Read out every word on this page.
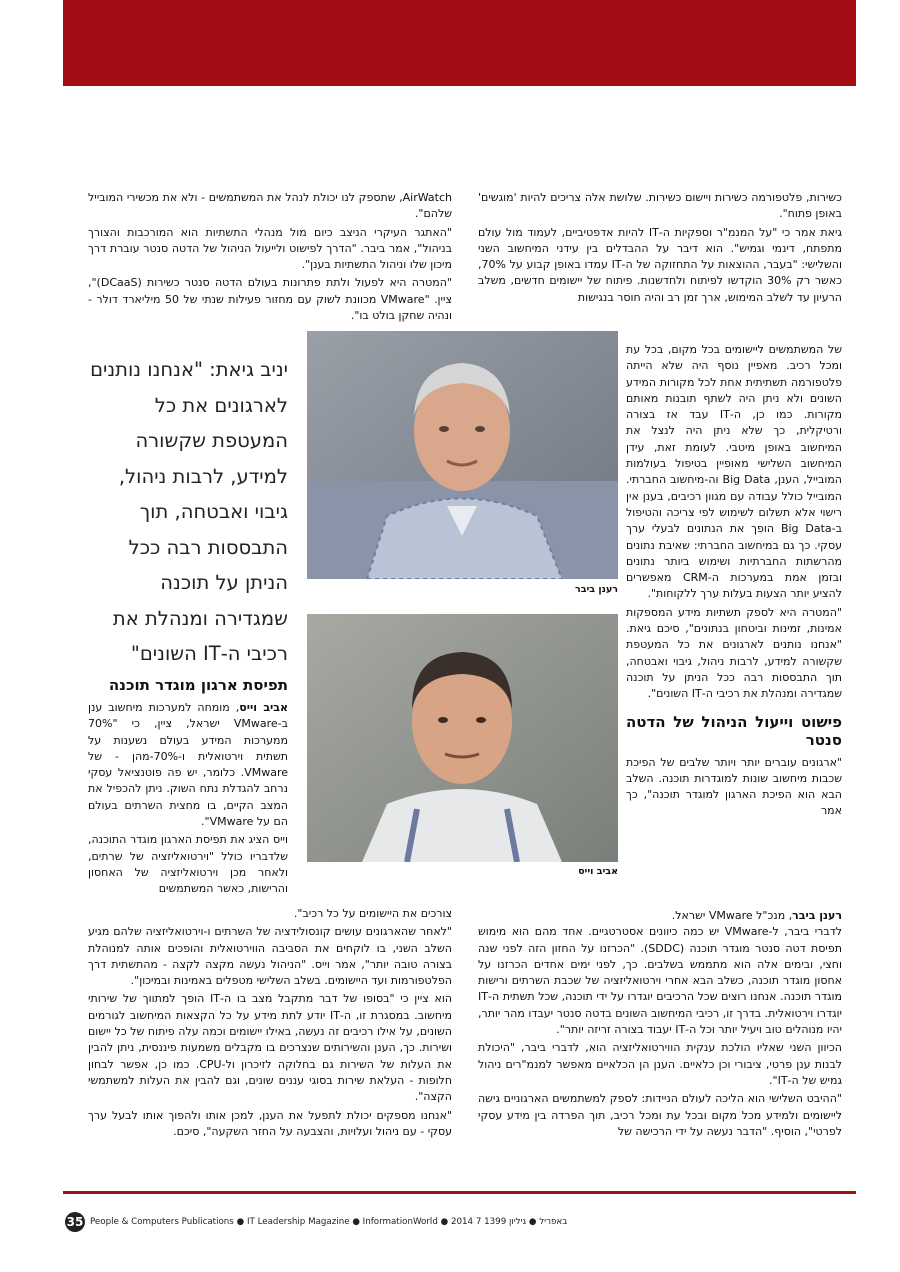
כשירות, פלטפורמה כשירות ויישום כשירות. שלושת אלה צריכים להיות 'מוגשים' באופן פתוח".

גיאת אמר כי "על המנמ"ר וספקיות ה-IT להיות אדפטיביים, לעמוד מול עולם מתפתח, דינמי וגמיש". הוא דיבר על ההבדלים בין עידני המיחשוב השני והשלישי: "בעבר, ההוצאות על התחזוקה של ה-IT עמדו באופן קבוע על 70%, כאשר רק 30% הוקדשו לפיתוח ולחדשנות. פיתוח של יישומים חדשים, משלב הרעיון עד לשלב המימוש, ארך זמן רב והיה חוסר בנגישות

של המשתמשים ליישומים בכל מקום, בכל עת ומכל רכיב. מאפיין נוסף היה שלא הייתה פלטפורמה תשתיתית אחת לכל מקורות המידע השונים ולא ניתן היה לשתף תובנות מאותם מקורות. כמו כן, ה-IT עבד אז בצורה ורטיקלית, כך שלא ניתן היה לנצל את המיחשוב באופן מיטבי. לעומת זאת, עידן המיחשוב השלישי מאופיין בטיפול בעולמות המובייל, הענן, Big Data וה-מיחשוב החברתי. המובייל כולל עבודה עם מגוון רכיבים, בענן אין רישוי אלא תשלום לשימוש לפי צריכה והטיפול ב-Big Data הופך את הנתונים לבעלי ערך עסקי. כך גם במיחשוב החברתי: שאיבת נתונים מהרשתות החברתיות ושימוש ביותר נתונים ובזמן אמת במערכות ה-CRM מאפשרים להציע יותר הצעות בעלות ערך ללקוחות".

"המטרה היא לספק תשתיות מידע המספקות אמינות, זמינות וביטחון בנתונים", סיכם גיאת. "אנחנו נותנים לארגונים את כל המעטפת שקשורה למידע, לרבות ניהול, גיבוי ואבטחה, תוך התבססות רבה ככל הניתן על תוכנה שמגדירה ומנהלת את רכיבי ה-IT השונים".

פישוט וייעול הניהול של הדטה סנטר

"ארגונים עוברים יותר ויותר שלבים של הפיכת שכבות מיחשוב שונות למוגדרות תוכנה. השלב הבא הוא הפיכת הארגון למוגדר תוכנה", כך אמר

רענן ביבר, מנכ"ל VMware ישראל.

לדברי ביבר, ל-VMware יש כמה כיוונים אסטרטגיים. אחד מהם הוא מימוש תפיסת דטה סנטר מוגדר תוכנה (SDDC). "הכרזנו על החזון הזה לפני שנה וחצי, ובימים אלה הוא מתממש בשלבים. כך, לפני ימים אחדים הכרזנו על אחסון מוגדר תוכנה, כשלב הבא אחרי וירטואליזציה של שכבת השרתים ורישות מוגדר תוכנה. אנחנו רוצים שכל הרכיבים יוגדרו על ידי תוכנה, שכל תשתית ה-IT יוגדרו וירטואלית. בדרך זו, רכיבי המיחשוב השונים בדטה סנטר יעבדו מהר יותר, יהיו מנוהלים טוב ויעיל יותר וכל ה-IT יעבוד בצורה זריזה יותר".

הכיוון השני שאליו הולכת ענקית הווירטואליזציה הוא, לדברי ביבר, "היכולת לבנות ענן פרטי, ציבורי וכן כלאיים. הענן הן הכלאיים מאפשר למנמ"רים ניהול גמיש של ה-IT".

"ההיבט השלישי הוא הליכה לעולם הניידות: לספק למשתמשים הארגוניים גישה ליישומים ולמידע מכל מקום ובכל עת ומכל רכיב, תוך הפרדה בין מידע עסקי לפרטי", הוסיף. "הדבר נעשה על ידי הרכישה של

AirWatch, שתספק לנו יכולת לנהל את המשתמשים - ולא את מכשירי המובייל שלהם".

"האתגר העיקרי הניצב כיום מול מנהלי התשתיות הוא המורכבות והצורך בניהול", אמר ביבר. "הדרך לפישוט ולייעול הניהול של הדטה סנטר עוברת דרך מיכון שלו וניהול התשתיות בענן".

"המטרה היא לפעול ולתת פתרונות בעולם הדטה סנטר כשירות (DCaaS)", ציין. "VMware מכוונת לשוק עם מחזור פעילות שנתי של 50 מיליארד דולר - ונהיה שחקן בולט בו".

יניב גיאת: "אנחנו נותנים לארגונים את כל המעטפת שקשורה למידע, לרבות ניהול, גיבוי ואבטחה, תוך התבססות רבה ככל הניתן על תוכנה שמגדירה ומנהלת את רכיבי ה-IT השונים"
תפיסת ארגון מוגדר תוכנה

אביב וייס, מומחה למערכות מיחשוב ענן ב-VMware ישראל, ציין, כי "70% ממערכות המידע בעולם נשענות על תשתית וירטואלית ו-70%-מהן - של VMware. כלומר, יש פה פוטנציאל עסקי נרחב להגדלת נתח השוק. ניתן להכפיל את המצב הקיים, בו מחצית השרתים בעולם הם על VMware".

וייס הציג את תפיסת הארגון מוגדר התוכנה, שלדבריו כולל "וירטואליזציה של שרתים, ולאחר מכן וירטואליזציה של האחסון והרישות, כאשר המשתמשים

צורכים את היישומים על כל רכיב".

"לאחר שהארגונים עושים קונסולידציה של השרתים ו-וירטואליזציה שלהם מגיע השלב השני, בו לוקחים את הסביבה הווירטואלית והופכים אותה למנוהלת בצורה טובה יותר", אמר וייס. "הניהול נעשה מקצה לקצה - מהתשתית דרך הפלטפורמות ועד היישומים. בשלב השלישי מטפלים באמינות ובמיכון".

הוא ציין כי "בסופו של דבר מתקבל מצב בו ה-IT הופך למתווך של שירותי מיחשוב. במסגרת זו, ה-IT יודע לתת מידע על כל הקצאות המיחשוב לגורמים השונים, על אילו רכיבים זה נעשה, באילו יישומים וכמה עלה פיתוח של כל יישום ושירות. כך, הענן והשירותים שנצרכים בו מקבלים משמעות פיננסית, ניתן להבין את העלות של השירות גם בחלוקה לזיכרון ול-CPU. כמו כן, אפשר לבחון חלופות - העלאת שירות בסוגי עננים שונים, וגם להבין את העלות למשתמשי הקצה".

"אנחנו מספקים יכולת לתפעל את הענן, למכן אותו ולהפוך אותו לבעל ערך עסקי - עם ניהול ועלויות, והצבעה על החזר השקעה", סיכם.

רענן ביבר
אביב וייס
35 People & Computers Publications ● IT Leadership Magazine ● InformationWorld ● 2014 7 באפריל ● גיליון 1399
